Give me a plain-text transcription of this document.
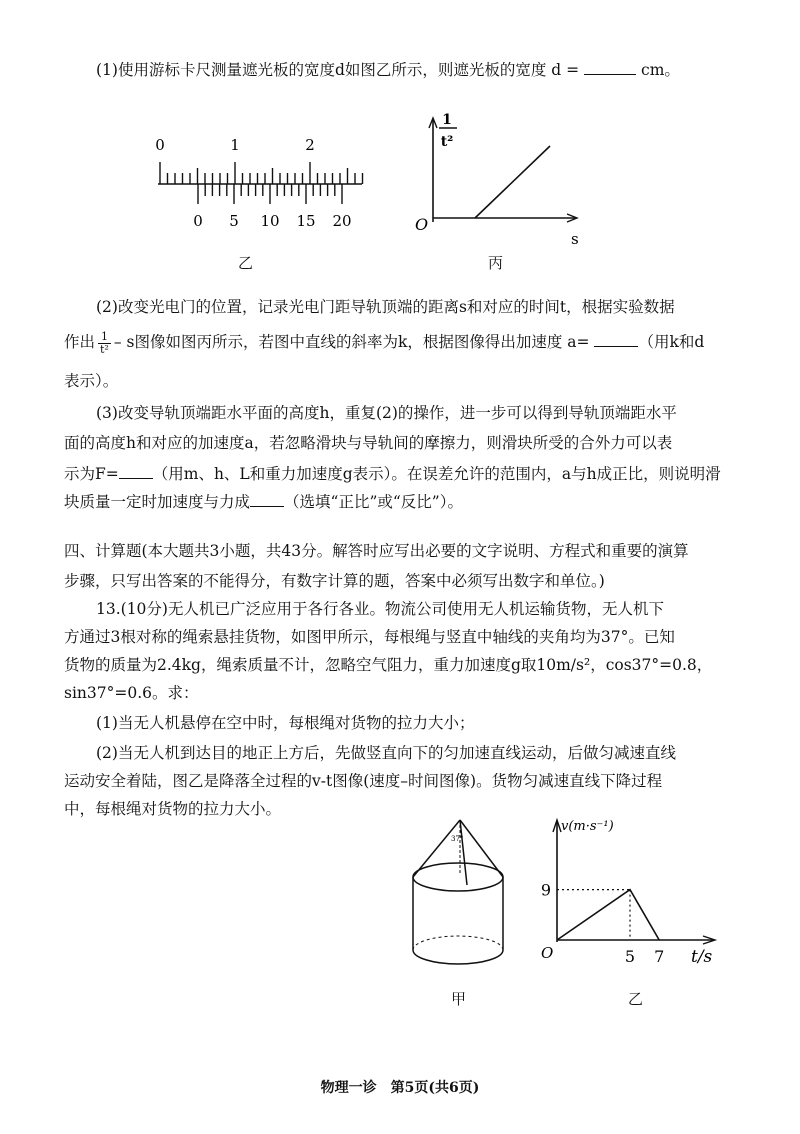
(1)使用游标卡尺测量遮光板的宽度d如图乙所示，则遮光板的宽度 d =	cm。
0	1	2
0 5 10 15 20
乙
1
t²
O
s
丙
(2)改变光电门的位置，记录光电门距导轨顶端的距离s和对应的时间t，根据实验数据
作出 $\frac{1}{\text{t²}}$ – s图像如图丙所示，若图中直线的斜率为k，根据图像得出加速度 a=	（用k和d
表示）。
(3)改变导轨顶端距水平面的高度h，重复(2)的操作，进一步可以得到导轨顶端距水平
面的高度h和对应的加速度a，若忽略滑块与导轨间的摩擦力，则滑块所受的合外力可以表
示为F= （用m、h、L和重力加速度g表示）。在误差允许的范围内，a与h成正比，则说明滑
块质量一定时加速度与力成 （选填“正比”或“反比”）。
四、计算题(本大题共3小题，共43分。解答时应写出必要的文字说明、方程式和重要的演算
步骤，只写出答案的不能得分，有数字计算的题，答案中必须写出数字和单位。)
13.(10分)无人机已广泛应用于各行各业。物流公司使用无人机运输货物，无人机下
方通过3根对称的绳索悬挂货物，如图甲所示，每根绳与竖直中轴线的夹角均为37°。已知
货物的质量为2.4kg，绳索质量不计，忽略空气阻力，重力加速度g取10m/s²，cos37°=0.8，
sin37°=0.6。求：
(1)当无人机悬停在空中时，每根绳对货物的拉力大小；
(2)当无人机到达目的地正上方后，先做竖直向下的匀加速直线运动，后做匀减速直线
运动安全着陆，图乙是降落全过程的v-t图像(速度–时间图像)。货物匀减速直线下降过程
中，每根绳对货物的拉力大小。
37°
甲
v(m·s⁻¹)
O	t/s
9
5 7
乙
物理一诊　第5页(共6页)
